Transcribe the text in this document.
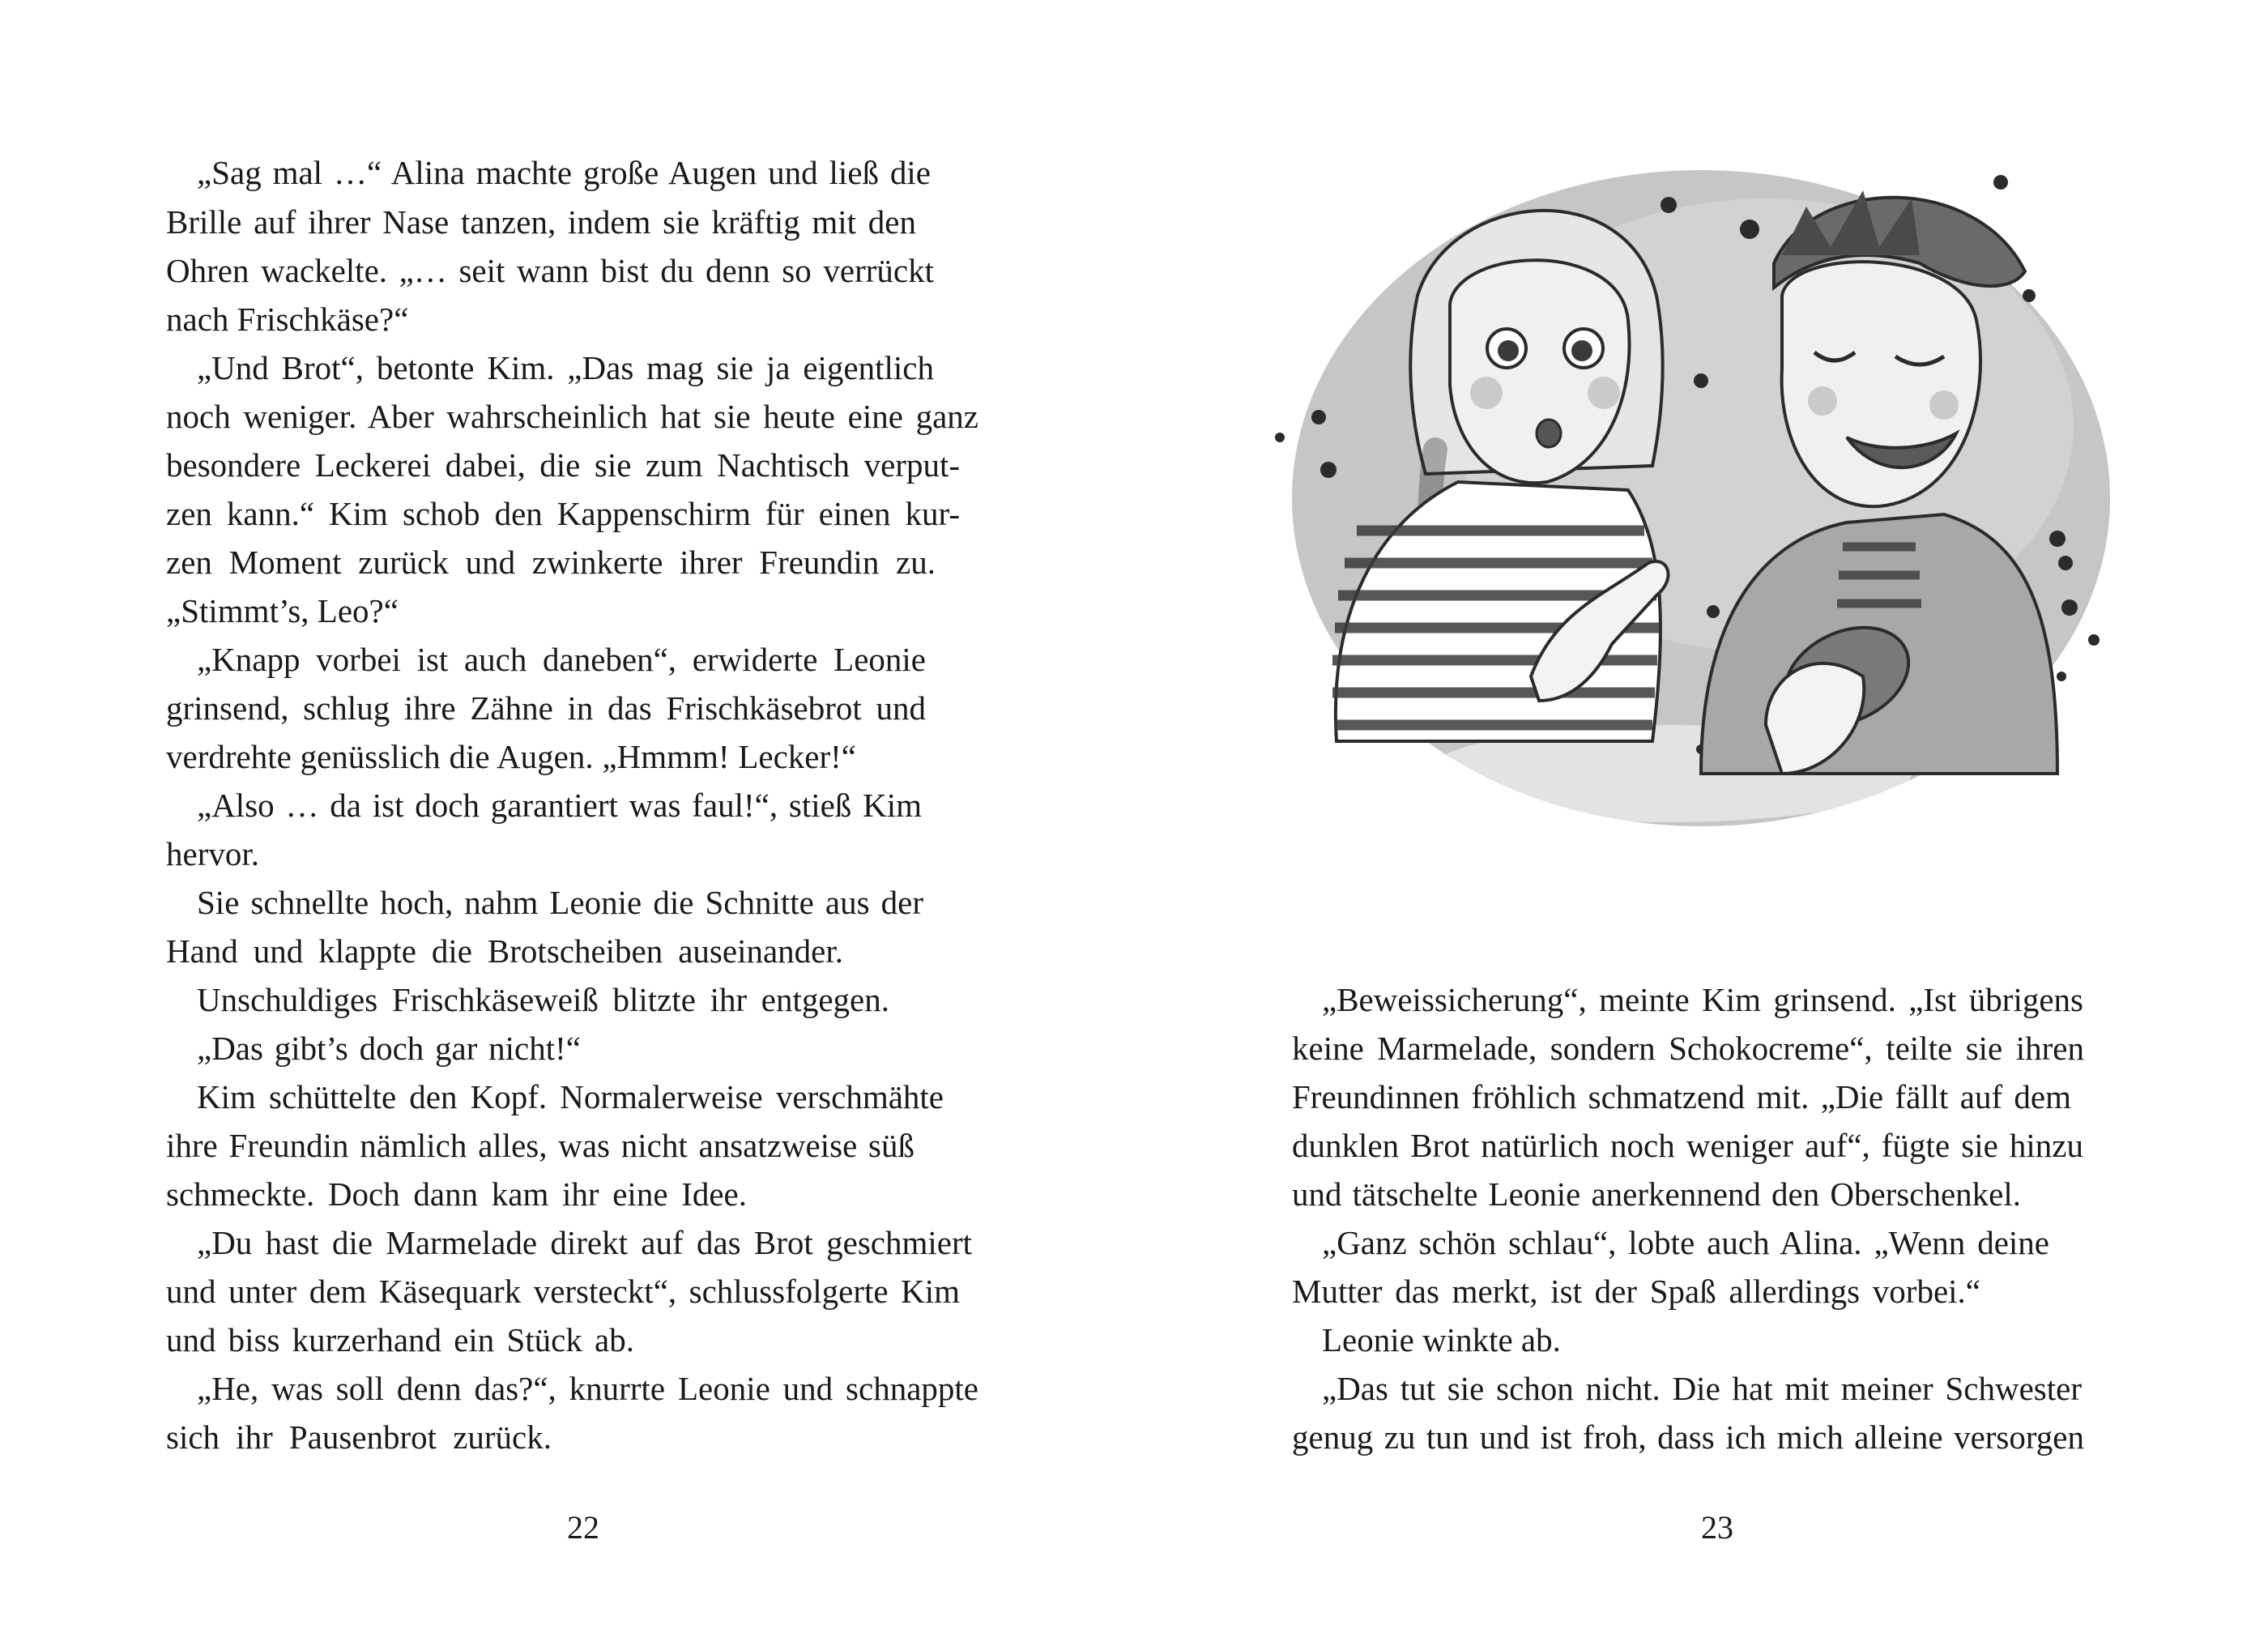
„Sag mal …“ Alina machte große Augen und ließ die
Brille auf ihrer Nase tanzen, indem sie kräftig mit den
Ohren wackelte. „… seit wann bist du denn so verrückt
nach Frischkäse?“
„Und Brot“, betonte Kim. „Das mag sie ja eigentlich
noch weniger. Aber wahrscheinlich hat sie heute eine ganz
besondere Leckerei dabei, die sie zum Nachtisch verput-
zen kann.“ Kim schob den Kappenschirm für einen kur-
zen Moment zurück und zwinkerte ihrer Freundin zu.
„Stimmt’s, Leo?“
„Knapp vorbei ist auch daneben“, erwiderte Leonie
grinsend, schlug ihre Zähne in das Frischkäsebrot und
verdrehte genüsslich die Augen. „Hmmm! Lecker!“
„Also … da ist doch garantiert was faul!“, stieß Kim
hervor.
Sie schnellte hoch, nahm Leonie die Schnitte aus der
Hand und klappte die Brotscheiben auseinander.
Unschuldiges Frischkäseweiß blitzte ihr entgegen.
„Das gibt’s doch gar nicht!“
Kim schüttelte den Kopf. Normalerweise verschmähte
ihre Freundin nämlich alles, was nicht ansatzweise süß
schmeckte. Doch dann kam ihr eine Idee.
„Du hast die Marmelade direkt auf das Brot geschmiert
und unter dem Käsequark versteckt“, schlussfolgerte Kim
und biss kurzerhand ein Stück ab.
„He, was soll denn das?“, knurrte Leonie und schnappte
sich ihr Pausenbrot zurück.
22
„Beweissicherung“, meinte Kim grinsend. „Ist übrigens
keine Marmelade, sondern Schokocreme“, teilte sie ihren
Freundinnen fröhlich schmatzend mit. „Die fällt auf dem
dunklen Brot natürlich noch weniger auf“, fügte sie hinzu
und tätschelte Leonie anerkennend den Oberschenkel.
„Ganz schön schlau“, lobte auch Alina. „Wenn deine
Mutter das merkt, ist der Spaß allerdings vorbei.“
Leonie winkte ab.
„Das tut sie schon nicht. Die hat mit meiner Schwester
genug zu tun und ist froh, dass ich mich alleine versorgen
23
